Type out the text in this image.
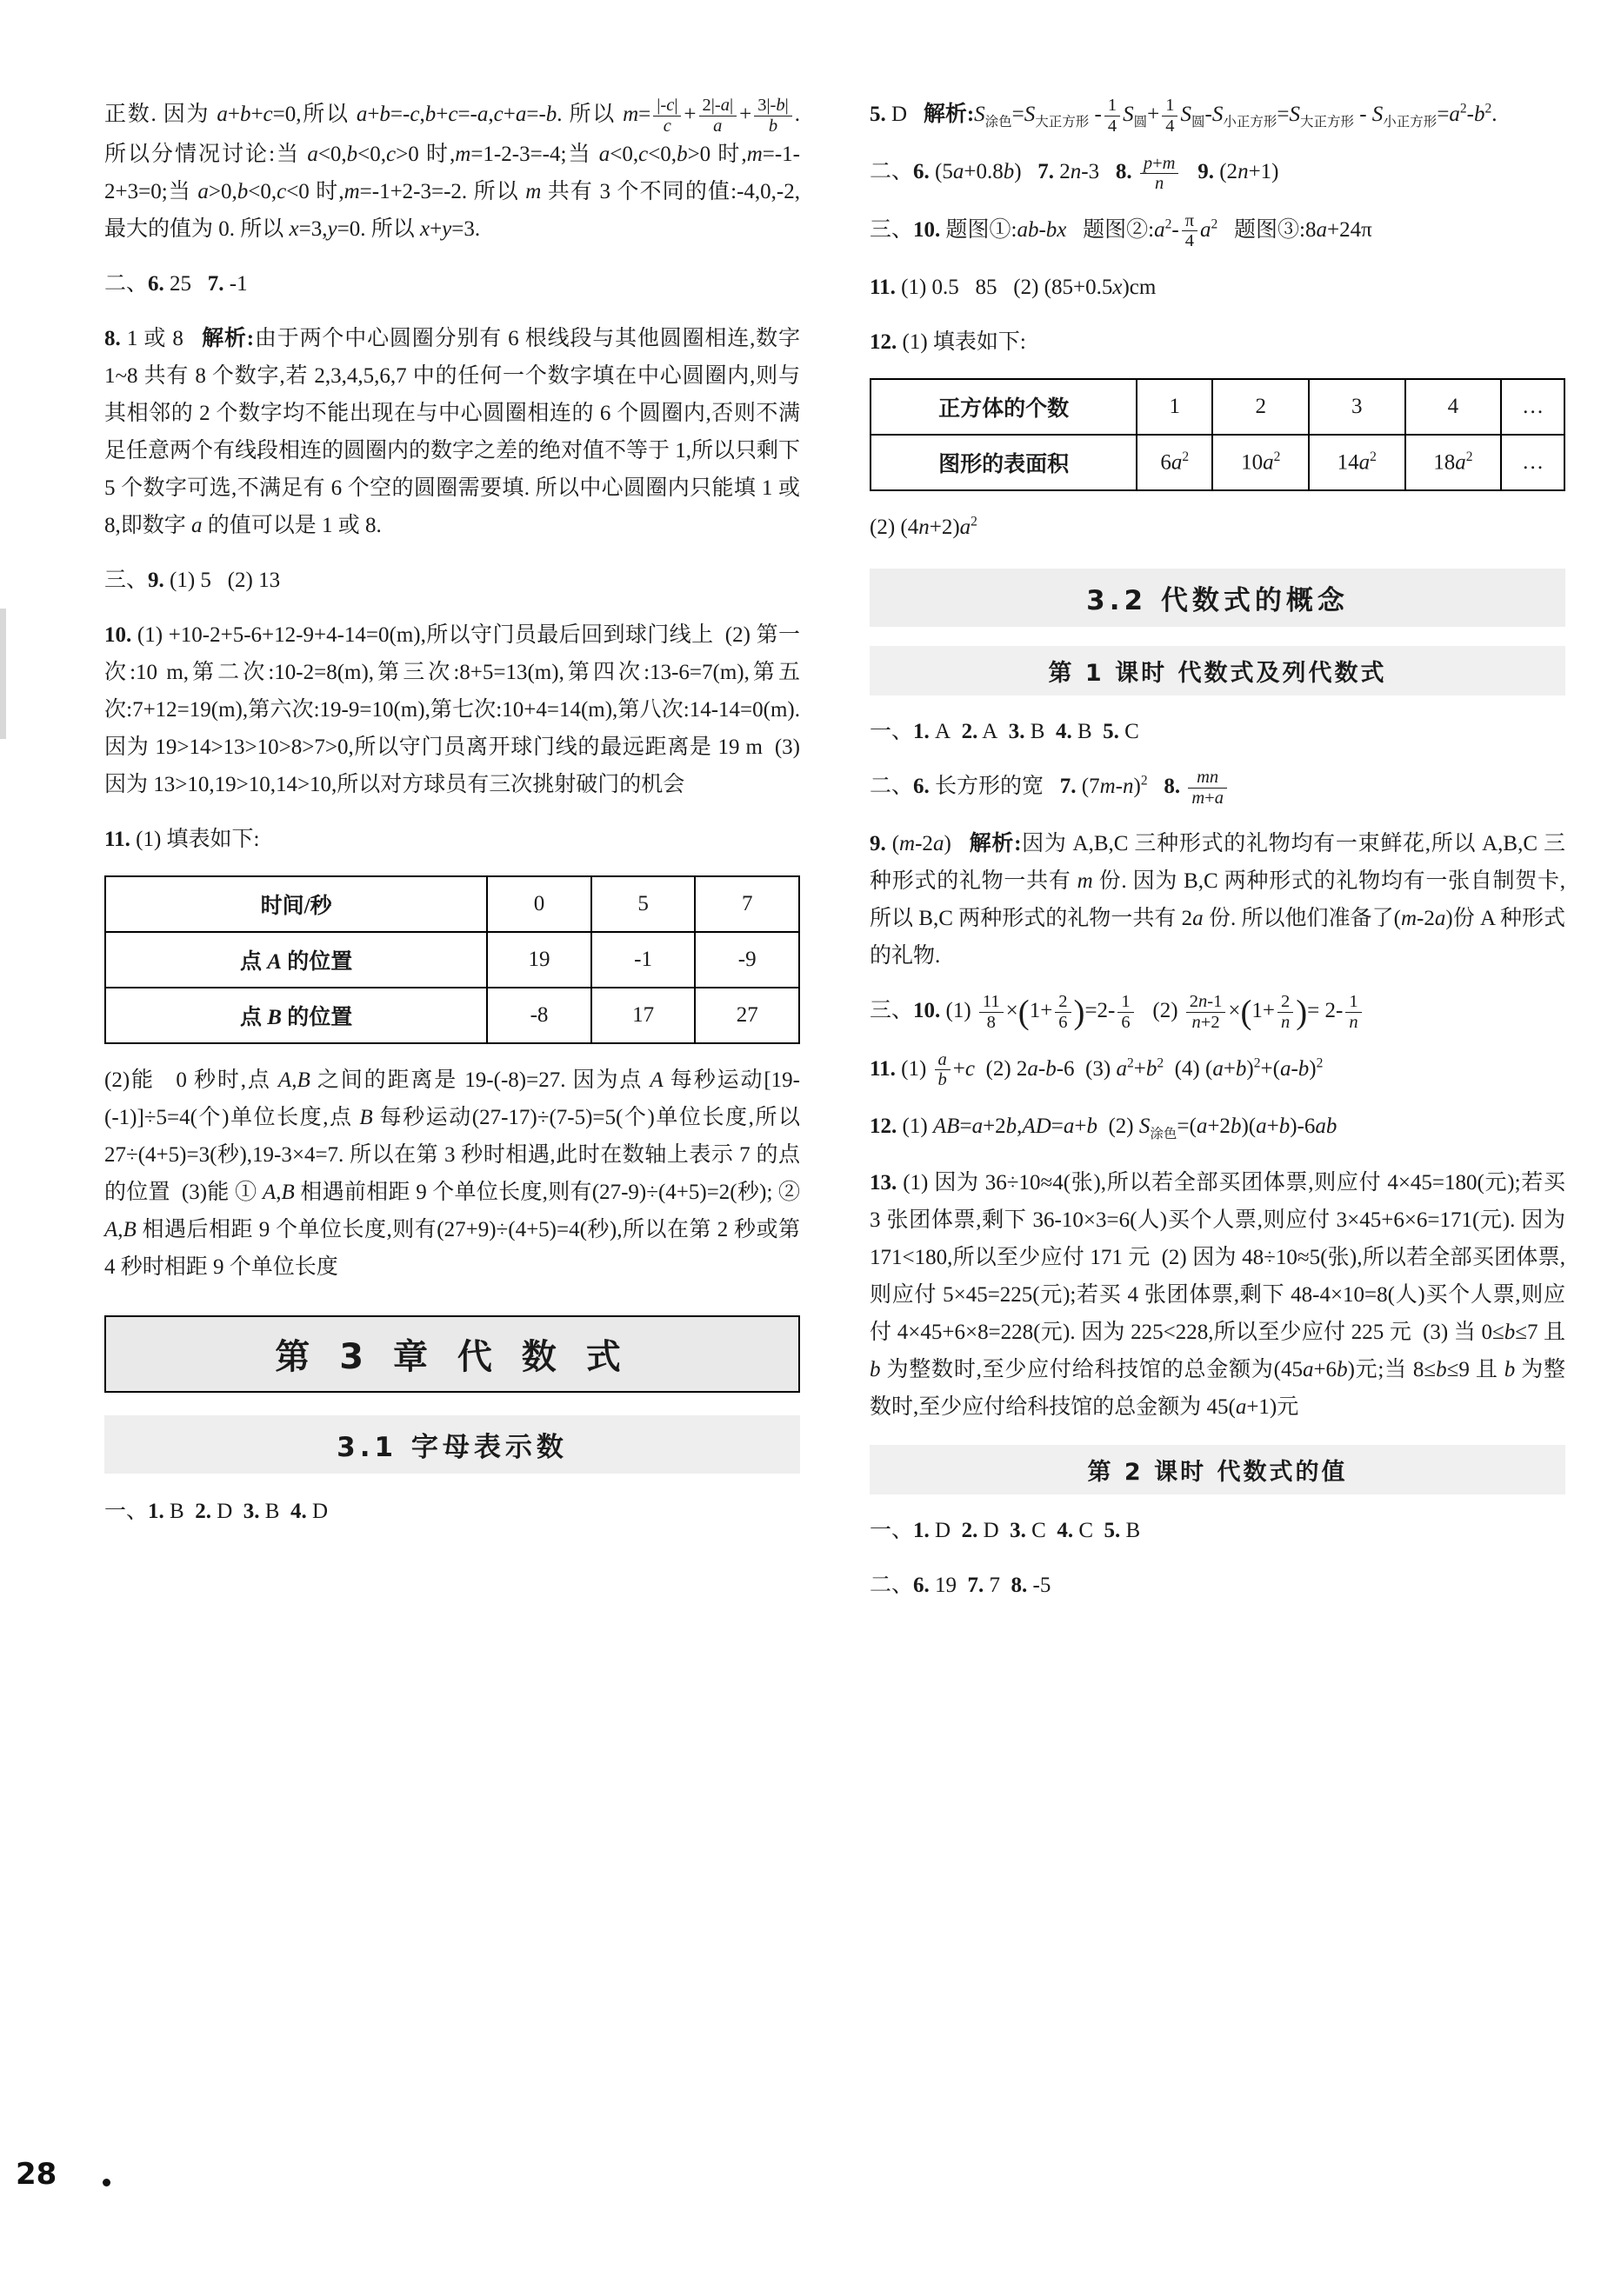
28

正数. 因为 a+b+c=0,所以 a+b=-c,b+c=-a,c+a=-b. 所以 $m= \frac{|-c|}{c} + \frac{2|-a|}{a} + \frac{3|-b|}{b}$ . 所以分情况讨论:当 a<0,b<0,c>0 时,m=1-2-3=-4;当 a<0,c<0,b>0 时,m=-1-2+3=0;当 a>0,b<0,c<0 时,m=-1+2-3=-2. 所以 m 共有 3 个不同的值:-4,0,-2,最大的值为 0. 所以 x=3,y=0. 所以 x+y=3.

二、6. 25   7. -1

8. 1 或 8   解析:由于两个中心圆圈分别有 6 根线段与其他圆圈相连,数字 1~8 共有 8 个数字,若 2,3,4,5,6,7 中的任何一个数字填在中心圆圈内,则与其相邻的 2 个数字均不能出现在与中心圆圈相连的 6 个圆圈内,否则不满足任意两个有线段相连的圆圈内的数字之差的绝对值不等于 1,所以只剩下 5 个数字可选,不满足有 6 个空的圆圈需要填. 所以中心圆圈内只能填 1 或 8,即数字 a 的值可以是 1 或 8.

三、9. (1) 5   (2) 13

10. (1) +10-2+5-6+12-9+4-14=0(m),所以守门员最后回到球门线上  (2) 第一次:10 m,第二次:10-2=8(m),第三次:8+5=13(m),第四次:13-6=7(m),第五次:7+12=19(m),第六次:19-9=10(m),第七次:10+4=14(m),第八次:14-14=0(m). 因为 19>14>13>10>8>7>0,所以守门员离开球门线的最远距离是 19 m  (3) 因为 13>10,19>10,14>10,所以对方球员有三次挑射破门的机会

11. (1) 填表如下:

时间/秒	0	5	7
点 A 的位置	19	-1	-9
点 B 的位置	-8	17	27

(2)能   0 秒时,点 A,B 之间的距离是 19-(-8)=27. 因为点 A 每秒运动[19-(-1)]÷5=4(个)单位长度,点 B 每秒运动(27-17)÷(7-5)=5(个)单位长度,所以 27÷(4+5)=3(秒),19-3×4=7. 所以在第 3 秒时相遇,此时在数轴上表示 7 的点的位置  (3)能 ① A,B 相遇前相距 9 个单位长度,则有(27-9)÷(4+5)=2(秒); ② A,B 相遇后相距 9 个单位长度,则有(27+9)÷(4+5)=4(秒),所以在第 2 秒或第 4 秒时相距 9 个单位长度

第 3 章 代 数 式
3.1 字母表示数

一、1. B  2. D  3. B  4. D

5. D   解析$:S_{涂色}=S_{大正方形} - \frac{1}{4} S_圆+ \frac{1}{4} S_圆-S_{小正方形}=S_{大正方形} - S_{小正方形}=a^2-b^2$.

二、6. (5a+0.8b)   7. 2n-3   8. $\frac{p+m}{n} 9$. (2n+1)

三、10. 题图①:ab-bx   题图$②:a^2- \frac{\pi}{4} a^2$   题图③:8a+24π

11. (1) 0.5   85   (2) (85+0.5x)cm

12. (1) 填表如下:

正方体的个数	1	2	3	4	…
图形的表面积	$6a^2$	$10a^2$	$14a^2$	$18a^2$	…

(2) $(4n+2)a^2$

3.2 代数式的概念
第 1 课时 代数式及列代数式

一、1. A  2. A  3. B  4. B  5. C

二、6. 长方形的宽   7. $(7m-n)^2$ 8. $\frac{mn}{m+a}$

9. (m-2a)   解析:因为 A,B,C 三种形式的礼物均有一束鲜花,所以 A,B,C 三种形式的礼物一共有 m 份. 因为 B,C 两种形式的礼物均有一张自制贺卡,所以 B,C 两种形式的礼物一共有 2a 份. 所以他们准备了(m-2a)份 A 种形式的礼物.

三、10. $(1) \frac{11}{8} \times(1+ \frac{2}{6} )=2- \frac{1}{6} (2) \frac{2n-1}{n+2} \times(1+ \frac{2}{n}$ )= $2- \frac{1}{n}$

11. $(1) \frac{a}{b} +c$  (2) 2a-b-6  (3) $a^2+b^2$  (4) $(a+b)^2+(a-b)^2$

12. (1) AB=a+2b,AD=a+b  (2) $S_{涂色}=(a+2b)(a+b)-6ab$

13. (1) 因为 36÷10≈4(张),所以若全部买团体票,则应付 4×45=180(元);若买 3 张团体票,剩下 36-10×3=6(人)买个人票,则应付 3×45+6×6=171(元). 因为 171<180,所以至少应付 171 元  (2) 因为 48÷10≈5(张),所以若全部买团体票,则应付 5×45=225(元);若买 4 张团体票,剩下 48-4×10=8(人)买个人票,则应付 4×45+6×8=228(元). 因为 225<228,所以至少应付 225 元  (3) 当 0≤b≤7 且 b 为整数时,至少应付给科技馆的总金额为(45a+6b)元;当 8≤b≤9 且 b 为整数时,至少应付给科技馆的总金额为 45(a+1)元

第 2 课时 代数式的值

一、1. D  2. D  3. C  4. C  5. B

二、6. 19  7. 7  8. -5
